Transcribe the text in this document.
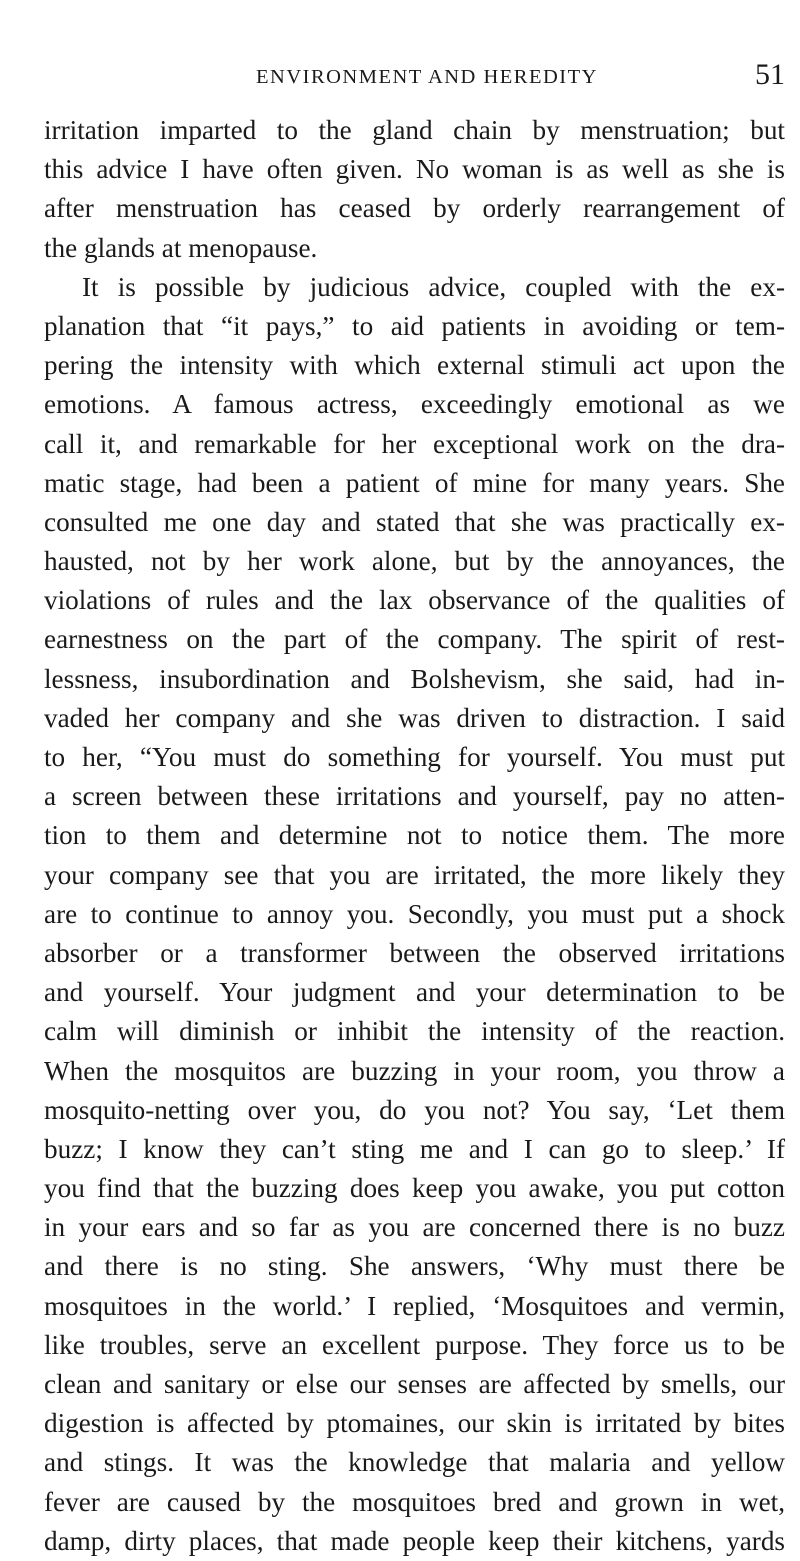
ENVIRONMENT AND HEREDITY	51
irritation imparted to the gland chain by menstruation; but
this advice I have often given. No woman is as well as she is
after menstruation has ceased by orderly rearrangement of
the glands at menopause.
It is possible by judicious advice, coupled with the ex-
planation that “it pays,” to aid patients in avoiding or tem-
pering the intensity with which external stimuli act upon the
emotions. A famous actress, exceedingly emotional as we
call it, and remarkable for her exceptional work on the dra-
matic stage, had been a patient of mine for many years. She
consulted me one day and stated that she was practically ex-
hausted, not by her work alone, but by the annoyances, the
violations of rules and the lax observance of the qualities of
earnestness on the part of the company. The spirit of rest-
lessness, insubordination and Bolshevism, she said, had in-
vaded her company and she was driven to distraction. I said
to her, “You must do something for yourself. You must put
a screen between these irritations and yourself, pay no atten-
tion to them and determine not to notice them. The more
your company see that you are irritated, the more likely they
are to continue to annoy you. Secondly, you must put a shock
absorber or a transformer between the observed irritations
and yourself. Your judgment and your determination to be
calm will diminish or inhibit the intensity of the reaction.
When the mosquitos are buzzing in your room, you throw a
mosquito-netting over you, do you not? You say, ‘Let them
buzz; I know they can’t sting me and I can go to sleep.’ If
you find that the buzzing does keep you awake, you put cotton
in your ears and so far as you are concerned there is no buzz
and there is no sting. She answers, ‘Why must there be
mosquitoes in the world.’ I replied, ‘Mosquitoes and vermin,
like troubles, serve an excellent purpose. They force us to be
clean and sanitary or else our senses are affected by smells, our
digestion is affected by ptomaines, our skin is irritated by bites
and stings. It was the knowledge that malaria and yellow
fever are caused by the mosquitoes bred and grown in wet,
damp, dirty places, that made people keep their kitchens, yards
